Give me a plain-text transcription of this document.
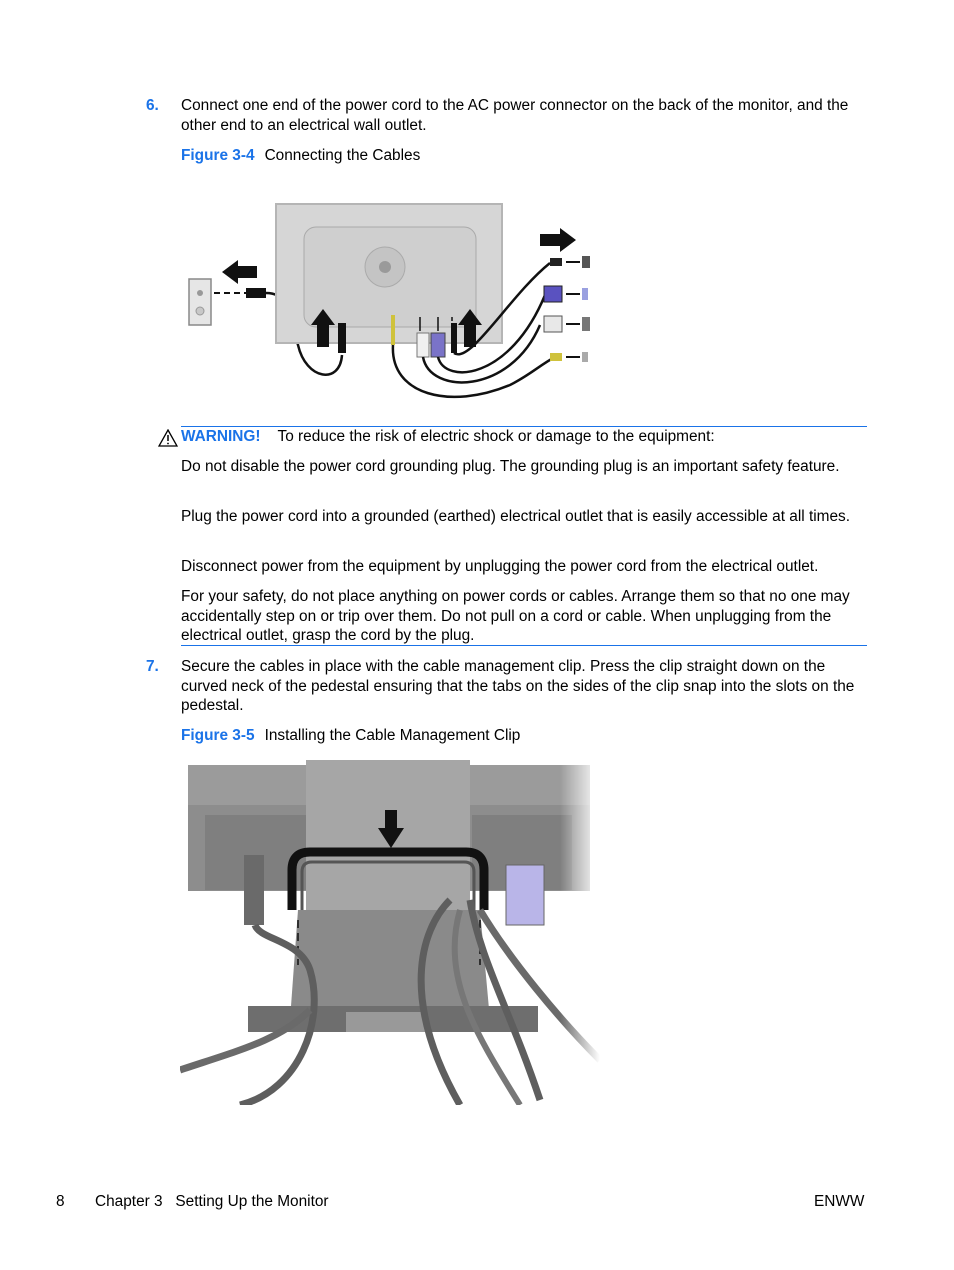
6.	Connect one end of the power cord to the AC power connector on the back of the monitor, and the other end to an electrical wall outlet.
Figure 3-4 Connecting the Cables
WARNING! To reduce the risk of electric shock or damage to the equipment:
Do not disable the power cord grounding plug. The grounding plug is an important safety feature.
Plug the power cord into a grounded (earthed) electrical outlet that is easily accessible at all times.
Disconnect power from the equipment by unplugging the power cord from the electrical outlet.
For your safety, do not place anything on power cords or cables. Arrange them so that no one may accidentally step on or trip over them. Do not pull on a cord or cable. When unplugging from the electrical outlet, grasp the cord by the plug.
7.	Secure the cables in place with the cable management clip. Press the clip straight down on the curved neck of the pedestal ensuring that the tabs on the sides of the clip snap into the slots on the pedestal.
Figure 3-5 Installing the Cable Management Clip
8 Chapter 3   Setting Up the Monitor	ENWW
